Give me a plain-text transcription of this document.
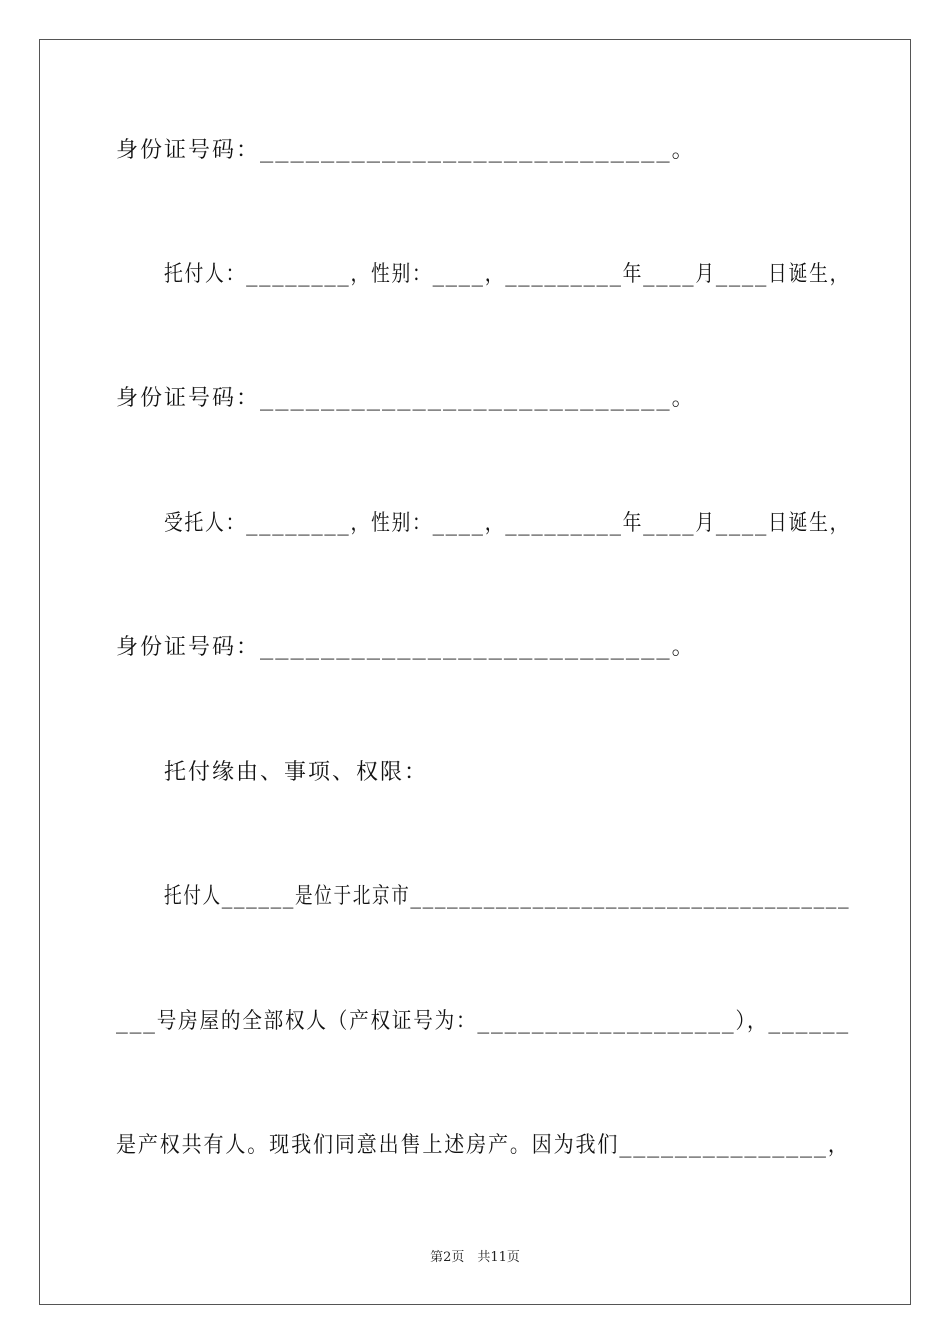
身份证号码：___________________________。
托付人：________，性别：____，_________年____月____日诞生，
身份证号码：___________________________。
受托人：________，性别：____，_________年____月____日诞生，
身份证号码：___________________________。
托付缘由、事项、权限：
托付人______是位于北京市____________________________________
___号房屋的全部权人（产权证号为：___________________），______
是产权共有人。现我们同意出售上述房产。因为我们_______________，
第2页　共11页
